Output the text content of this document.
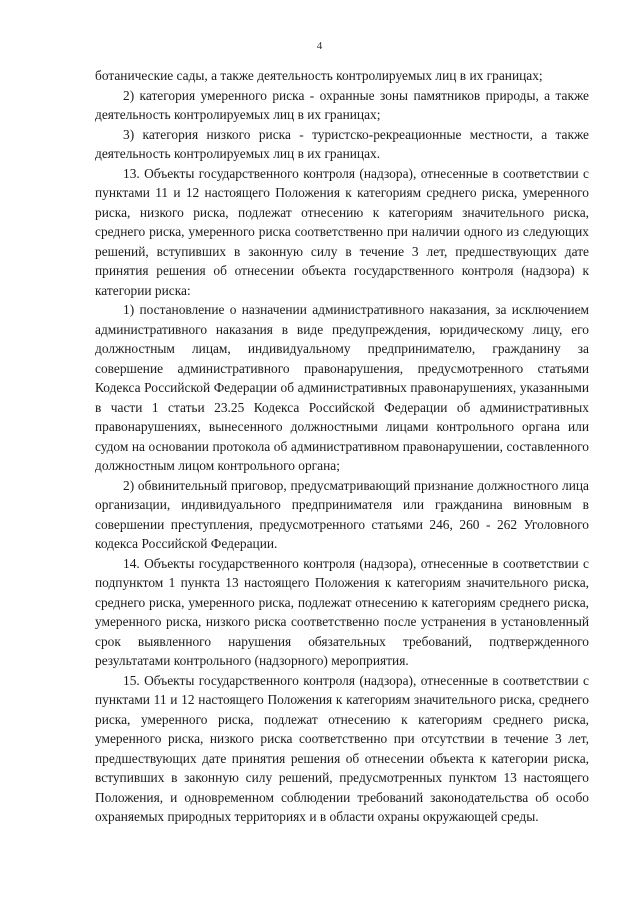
4

ботанические сады, а также деятельность контролируемых лиц в их границах;

2) категория умеренного риска - охранные зоны памятников природы, а также деятельность контролируемых лиц в их границах;

3) категория низкого риска - туристско-рекреационные местности, а также деятельность контролируемых лиц в их границах.

13. Объекты государственного контроля (надзора), отнесенные в соответствии с пунктами 11 и 12 настоящего Положения к категориям среднего риска, умеренного риска, низкого риска, подлежат отнесению к категориям значительного риска, среднего риска, умеренного риска соответственно при наличии одного из следующих решений, вступивших в законную силу в течение 3 лет, предшествующих дате принятия решения об отнесении объекта государственного контроля (надзора) к категории риска:

1) постановление о назначении административного наказания, за исключением административного наказания в виде предупреждения, юридическому лицу, его должностным лицам, индивидуальному предпринимателю, гражданину за совершение административного правонарушения, предусмотренного статьями Кодекса Российской Федерации об административных правонарушениях, указанными в части 1 статьи 23.25 Кодекса Российской Федерации об административных правонарушениях, вынесенного должностными лицами контрольного органа или судом на основании протокола об административном правонарушении, составленного должностным лицом контрольного органа;

2) обвинительный приговор, предусматривающий признание должностного лица организации, индивидуального предпринимателя или гражданина виновным в совершении преступления, предусмотренного статьями 246, 260 - 262 Уголовного кодекса Российской Федерации.

14. Объекты государственного контроля (надзора), отнесенные в соответствии с подпунктом 1 пункта 13 настоящего Положения к категориям значительного риска, среднего риска, умеренного риска, подлежат отнесению к категориям среднего риска, умеренного риска, низкого риска соответственно после устранения в установленный срок выявленного нарушения обязательных требований, подтвержденного результатами контрольного (надзорного) мероприятия.

15. Объекты государственного контроля (надзора), отнесенные в соответствии с пунктами 11 и 12 настоящего Положения к категориям значительного риска, среднего риска, умеренного риска, подлежат отнесению к категориям среднего риска, умеренного риска, низкого риска соответственно при отсутствии в течение 3 лет, предшествующих дате принятия решения об отнесении объекта к категории риска, вступивших в законную силу решений, предусмотренных пунктом 13 настоящего Положения, и одновременном соблюдении требований законодательства об особо охраняемых природных территориях и в области охраны окружающей среды.
